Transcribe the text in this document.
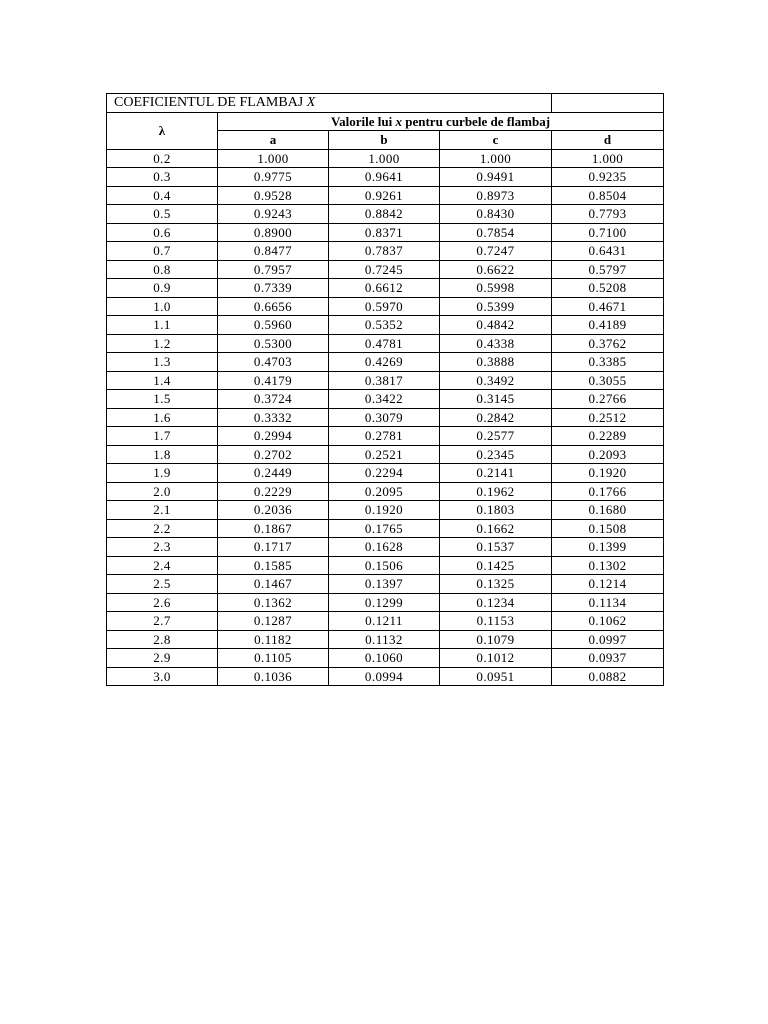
COEFICIENTUL DE FLAMBAJ X				
λ	Valorile lui x pentru curbele de flambaj			
	a	b	c	d
0.2	1.000	1.000	1.000	1.000
0.3	0.9775	0.9641	0.9491	0.9235
0.4	0.9528	0.9261	0.8973	0.8504
0.5	0.9243	0.8842	0.8430	0.7793
0.6	0.8900	0.8371	0.7854	0.7100
0.7	0.8477	0.7837	0.7247	0.6431
0.8	0.7957	0.7245	0.6622	0.5797
0.9	0.7339	0.6612	0.5998	0.5208
1.0	0.6656	0.5970	0.5399	0.4671
1.1	0.5960	0.5352	0.4842	0.4189
1.2	0.5300	0.4781	0.4338	0.3762
1.3	0.4703	0.4269	0.3888	0.3385
1.4	0.4179	0.3817	0.3492	0.3055
1.5	0.3724	0.3422	0.3145	0.2766
1.6	0.3332	0.3079	0.2842	0.2512
1.7	0.2994	0.2781	0.2577	0.2289
1.8	0.2702	0.2521	0.2345	0.2093
1.9	0.2449	0.2294	0.2141	0.1920
2.0	0.2229	0.2095	0.1962	0.1766
2.1	0.2036	0.1920	0.1803	0.1680
2.2	0.1867	0.1765	0.1662	0.1508
2.3	0.1717	0.1628	0.1537	0.1399
2.4	0.1585	0.1506	0.1425	0.1302
2.5	0.1467	0.1397	0.1325	0.1214
2.6	0.1362	0.1299	0.1234	0.1134
2.7	0.1287	0.1211	0.1153	0.1062
2.8	0.1182	0.1132	0.1079	0.0997
2.9	0.1105	0.1060	0.1012	0.0937
3.0	0.1036	0.0994	0.0951	0.0882
